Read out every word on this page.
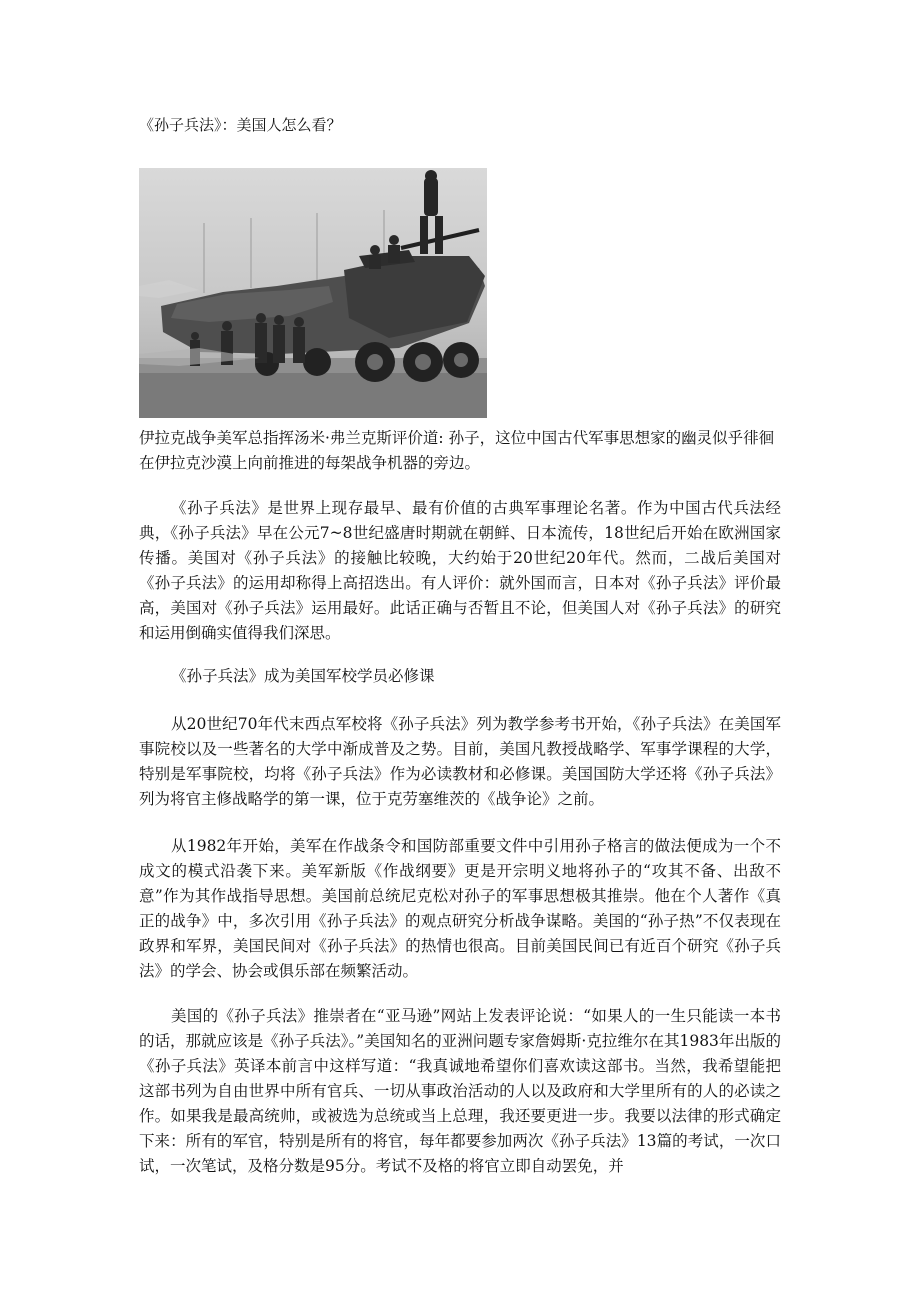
《孙子兵法》：美国人怎么看？
伊拉克战争美军总指挥汤米·弗兰克斯评价道: 孙子，这位中国古代军事思想家的幽灵似乎徘徊在伊拉克沙漠上向前推进的每架战争机器的旁边。

《孙子兵法》是世界上现存最早、最有价值的古典军事理论名著。作为中国古代兵法经典，《孙子兵法》早在公元7~8世纪盛唐时期就在朝鲜、日本流传，18世纪后开始在欧洲国家传播。美国对《孙子兵法》的接触比较晚，大约始于20世纪20年代。然而，二战后美国对《孙子兵法》的运用却称得上高招迭出。有人评价：就外国而言，日本对《孙子兵法》评价最高，美国对《孙子兵法》运用最好。此话正确与否暂且不论，但美国人对《孙子兵法》的研究和运用倒确实值得我们深思。

《孙子兵法》成为美国军校学员必修课

从20世纪70年代末西点军校将《孙子兵法》列为教学参考书开始，《孙子兵法》在美国军事院校以及一些著名的大学中渐成普及之势。目前，美国凡教授战略学、军事学课程的大学，特别是军事院校，均将《孙子兵法》作为必读教材和必修课。美国国防大学还将《孙子兵法》列为将官主修战略学的第一课，位于克劳塞维茨的《战争论》之前。

从1982年开始，美军在作战条令和国防部重要文件中引用孙子格言的做法便成为一个不成文的模式沿袭下来。美军新版《作战纲要》更是开宗明义地将孙子的“攻其不备、出敌不意”作为其作战指导思想。美国前总统尼克松对孙子的军事思想极其推崇。他在个人著作《真正的战争》中，多次引用《孙子兵法》的观点研究分析战争谋略。美国的“孙子热”不仅表现在政界和军界，美国民间对《孙子兵法》的热情也很高。目前美国民间已有近百个研究《孙子兵法》的学会、协会或俱乐部在频繁活动。

美国的《孙子兵法》推崇者在“亚马逊”网站上发表评论说：“如果人的一生只能读一本书的话，那就应该是《孙子兵法》。”美国知名的亚洲问题专家詹姆斯·克拉维尔在其1983年出版的《孙子兵法》英译本前言中这样写道：“我真诚地希望你们喜欢读这部书。当然，我希望能把这部书列为自由世界中所有官兵、一切从事政治活动的人以及政府和大学里所有的人的必读之作。如果我是最高统帅，或被选为总统或当上总理，我还要更进一步。我要以法律的形式确定下来：所有的军官，特别是所有的将官，每年都要参加两次《孙子兵法》13篇的考试，一次口试，一次笔试，及格分数是95分。考试不及格的将官立即自动罢免，并
